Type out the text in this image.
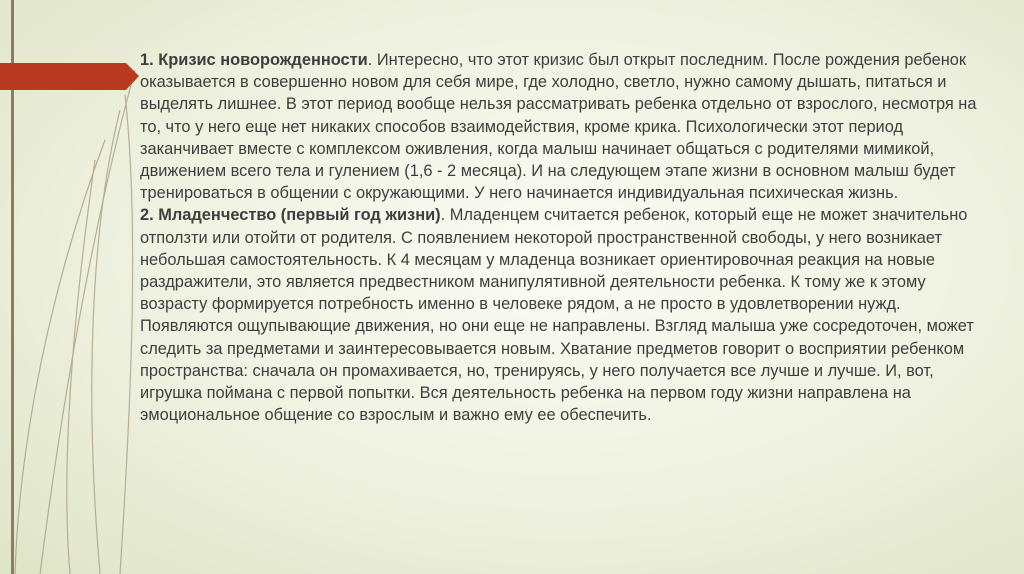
1. Кризис новорожденности. Интересно, что этот кризис был открыт последним. После рождения ребенок оказывается в совершенно новом для себя мире, где холодно, светло, нужно самому дышать, питаться и выделять лишнее. В этот период вообще нельзя рассматривать ребенка отдельно от взрослого, несмотря на то, что у него еще нет никаких способов взаимодействия, кроме крика. Психологически этот период заканчивает вместе с комплексом оживления, когда малыш начинает общаться с родителями мимикой, движением всего тела и гулением (1,6 - 2 месяца). И на следующем этапе жизни в основном малыш будет тренироваться в общении с окружающими. У него начинается индивидуальная психическая жизнь.

2. Младенчество (первый год жизни). Младенцем считается ребенок, который еще не может значительно отползти или отойти от родителя. С появлением некоторой пространственной свободы, у него возникает небольшая самостоятельность. К 4 месяцам у младенца возникает ориентировочная реакция на новые раздражители, это является предвестником манипулятивной деятельности ребенка. К тому же к этому возрасту формируется потребность именно в человеке рядом, а не просто в удовлетворении нужд. Появляются ощупывающие движения, но они еще не направлены. Взгляд малыша уже сосредоточен, может следить за предметами и заинтересовывается новым. Хватание предметов говорит о восприятии ребенком пространства: сначала он промахивается, но, тренируясь, у него получается все лучше и лучше. И, вот, игрушка поймана с первой попытки. Вся деятельность ребенка на первом году жизни направлена на эмоциональное общение со взрослым и важно ему ее обеспечить.
